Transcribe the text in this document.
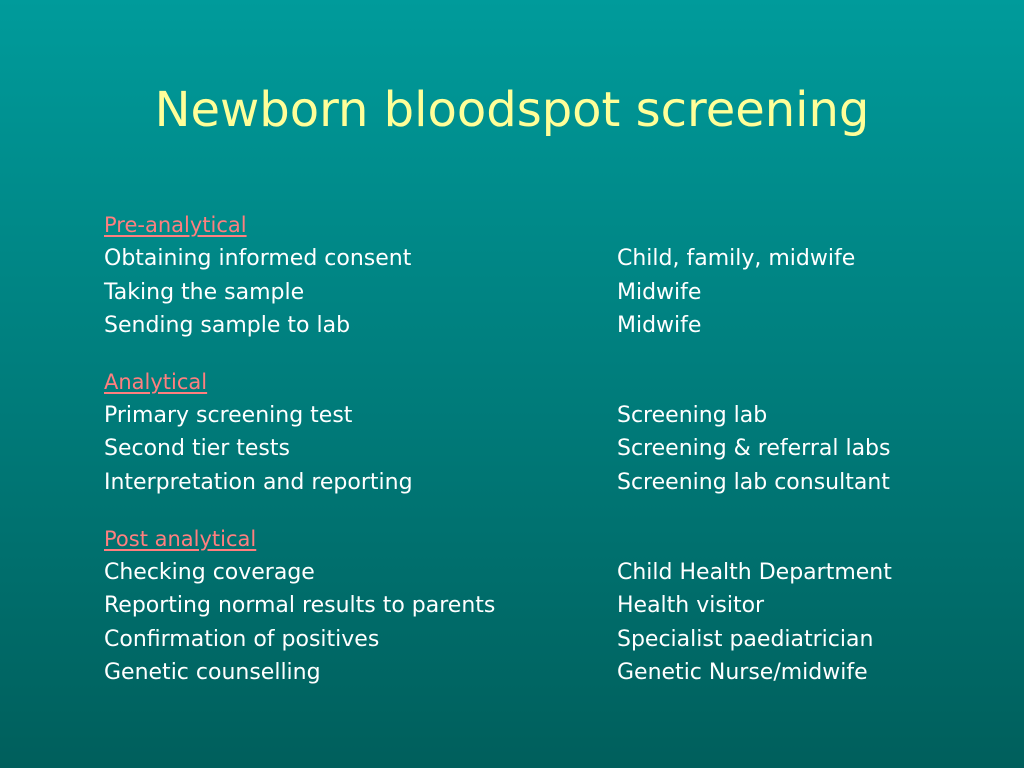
Newborn bloodspot screening
Pre-analytical
Obtaining informed consent	Child, family, midwife
Taking the sample	Midwife
Sending sample to lab	Midwife
Analytical
Primary screening test	Screening lab
Second tier tests	Screening & referral labs
Interpretation and reporting	Screening lab consultant
Post analytical
Checking coverage	Child Health Department
Reporting normal results to parents	Health visitor
Confirmation of positives	Specialist paediatrician
Genetic counselling	Genetic Nurse/midwife
